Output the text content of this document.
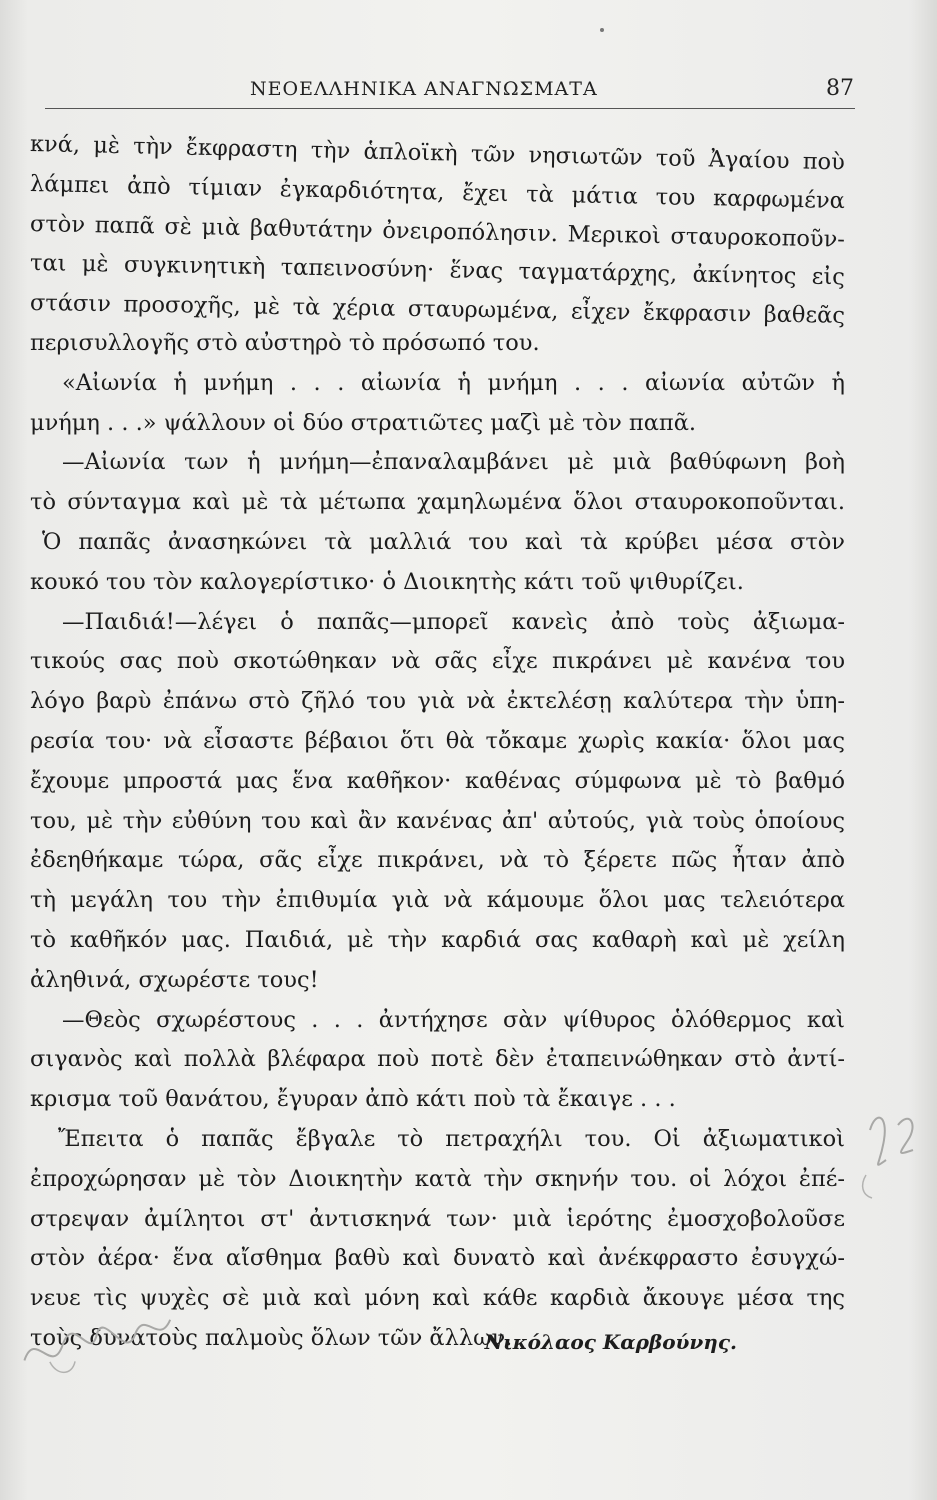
ΝΕΟΕΛΛΗΝΙΚΑ ΑΝΑΓΝΩΣΜΑΤΑ	87
κνά, μὲ τὴν ἔκφραστη τὴν ἁπλοϊκὴ τῶν νησιωτῶν τοῦ Ἀγαίου ποὺ
λάμπει ἀπὸ τίμιαν ἐγκαρδιότητα, ἔχει τὰ μάτια του καρφωμένα
στὸν παπᾶ σὲ μιὰ βαθυτάτην ὀνειροπόλησιν. Μερικοὶ σταυροκοποῦν-
ται μὲ συγκινητικὴ ταπεινοσύνη· ἕνας ταγματάρχης, ἀκίνητος εἰς
στάσιν προσοχῆς, μὲ τὰ χέρια σταυρωμένα, εἶχεν ἔκφρασιν βαθεᾶς
περισυλλογῆς στὸ αὐστηρὸ τὸ πρόσωπό του.
«Αἰωνία ἡ μνήμη . . . αἰωνία ἡ μνήμη . . . αἰωνία αὐτῶν ἡ
μνήμη . . .» ψάλλουν οἱ δύο στρατιῶτες μαζὶ μὲ τὸν παπᾶ.
—Αἰωνία των ἡ μνήμη—ἐπαναλαμβάνει μὲ μιὰ βαθύφωνη βοὴ
τὸ σύνταγμα καὶ μὲ τὰ μέτωπα χαμηλωμένα ὅλοι σταυροκοποῦνται.
Ὁ παπᾶς ἀνασηκώνει τὰ μαλλιά του καὶ τὰ κρύβει μέσα στὸν
κουκό του τὸν καλογερίστικο· ὁ Διοικητὴς κάτι τοῦ ψιθυρίζει.
—Παιδιά!—λέγει ὁ παπᾶς—μπορεῖ κανεὶς ἀπὸ τοὺς ἀξιωμα-
τικούς σας ποὺ σκοτώθηκαν νὰ σᾶς εἶχε πικράνει μὲ κανένα του
λόγο βαρὺ ἐπάνω στὸ ζῆλό του γιὰ νὰ ἐκτελέσῃ καλύτερα τὴν ὑπη-
ρεσία του· νὰ εἶσαστε βέβαιοι ὅτι θὰ τὄκαμε χωρὶς κακία· ὅλοι μας
ἔχουμε μπροστά μας ἕνα καθῆκον· καθένας σύμφωνα μὲ τὸ βαθμό
του, μὲ τὴν εὐθύνη του καὶ ἂν κανένας ἀπ' αὐτούς, γιὰ τοὺς ὁποίους
ἐδεηθήκαμε τώρα, σᾶς εἶχε πικράνει, νὰ τὸ ξέρετε πῶς ἦταν ἀπὸ
τὴ μεγάλη του τὴν ἐπιθυμία γιὰ νὰ κάμουμε ὅλοι μας τελειότερα
τὸ καθῆκόν μας. Παιδιά, μὲ τὴν καρδιά σας καθαρὴ καὶ μὲ χείλη
ἀληθινά, σχωρέστε τους!
—Θεὸς σχωρέστους . . . ἀντήχησε σὰν ψίθυρος ὁλόθερμος καὶ
σιγανὸς καὶ πολλὰ βλέφαρα ποὺ ποτὲ δὲν ἐταπεινώθηκαν στὸ ἀντί-
κρισμα τοῦ θανάτου, ἔγυραν ἀπὸ κάτι ποὺ τὰ ἔκαιγε . . .
Ἔπειτα ὁ παπᾶς ἔβγαλε τὸ πετραχήλι του. Οἱ ἀξιωματικοὶ
ἐπροχώρησαν μὲ τὸν Διοικητὴν κατὰ τὴν σκηνήν του. οἱ λόχοι ἐπέ-
στρεψαν ἀμίλητοι στ' ἀντισκηνά των· μιὰ ἱερότης ἐμοσχοβολοῦσε
στὸν ἀέρα· ἕνα αἴσθημα βαθὺ καὶ δυνατὸ καὶ ἀνέκφραστο ἐσυγχώ-
νευε τὶς ψυχὲς σὲ μιὰ καὶ μόνη καὶ κάθε καρδιὰ ἄκουγε μέσα της
τοὺς δυνατοὺς παλμοὺς ὅλων τῶν ἄλλων.
Νικόλαος Καρβούνης.
